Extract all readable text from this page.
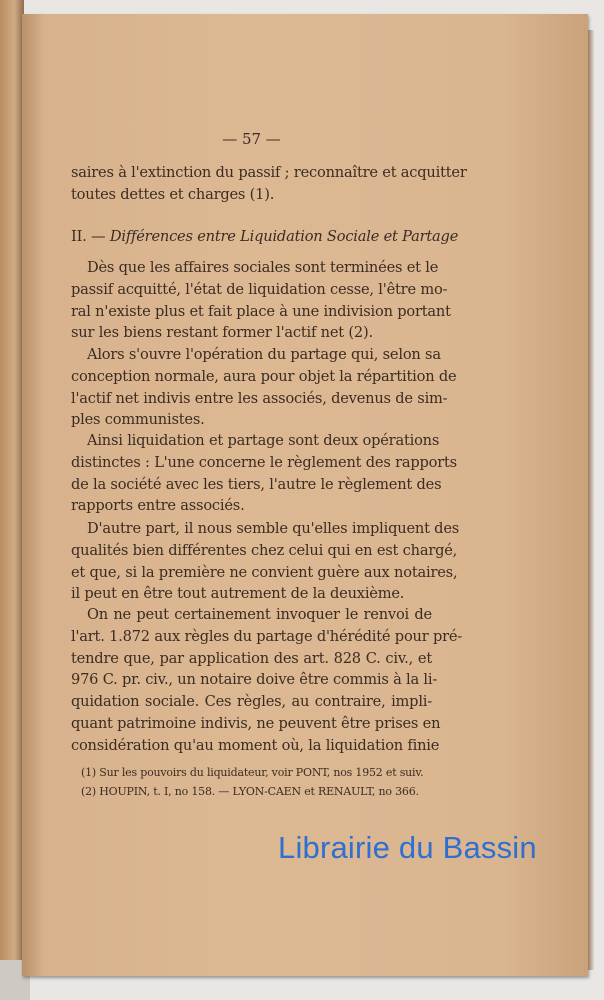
— 57 —
saires à l'extinction du passif ; reconnaître et acquitter
toutes dettes et charges (1).
II. — Différences entre Liquidation Sociale et Partage
Dès que les affaires sociales sont terminées et le
passif acquitté, l'état de liquidation cesse, l'être mo-
ral n'existe plus et fait place à une indivision portant
sur les biens restant former l'actif net (2).
Alors s'ouvre l'opération du partage qui, selon sa
conception normale, aura pour objet la répartition de
l'actif net indivis entre les associés, devenus de sim-
ples communistes.
Ainsi liquidation et partage sont deux opérations
distinctes : L'une concerne le règlement des rapports
de la société avec les tiers, l'autre le règlement des
rapports entre associés.
D'autre part, il nous semble qu'elles impliquent des
qualités bien différentes chez celui qui en est chargé,
et que, si la première ne convient guère aux notaires,
il peut en être tout autrement de la deuxième.
On ne peut certainement invoquer le renvoi de
l'art. 1.872 aux règles du partage d'hérédité pour pré-
tendre que, par application des art. 828 C. civ., et
976 C. pr. civ., un notaire doive être commis à la li-
quidation sociale. Ces règles, au contraire, impli-
quant patrimoine indivis, ne peuvent être prises en
considération qu'au moment où, la liquidation finie
(1) Sur les pouvoirs du liquidateur, voir PONT, nos 1952 et suiv.
(2) HOUPIN, t. I, no 158. — LYON-CAEN et RENAULT, no 366.
Librairie du Bassin
